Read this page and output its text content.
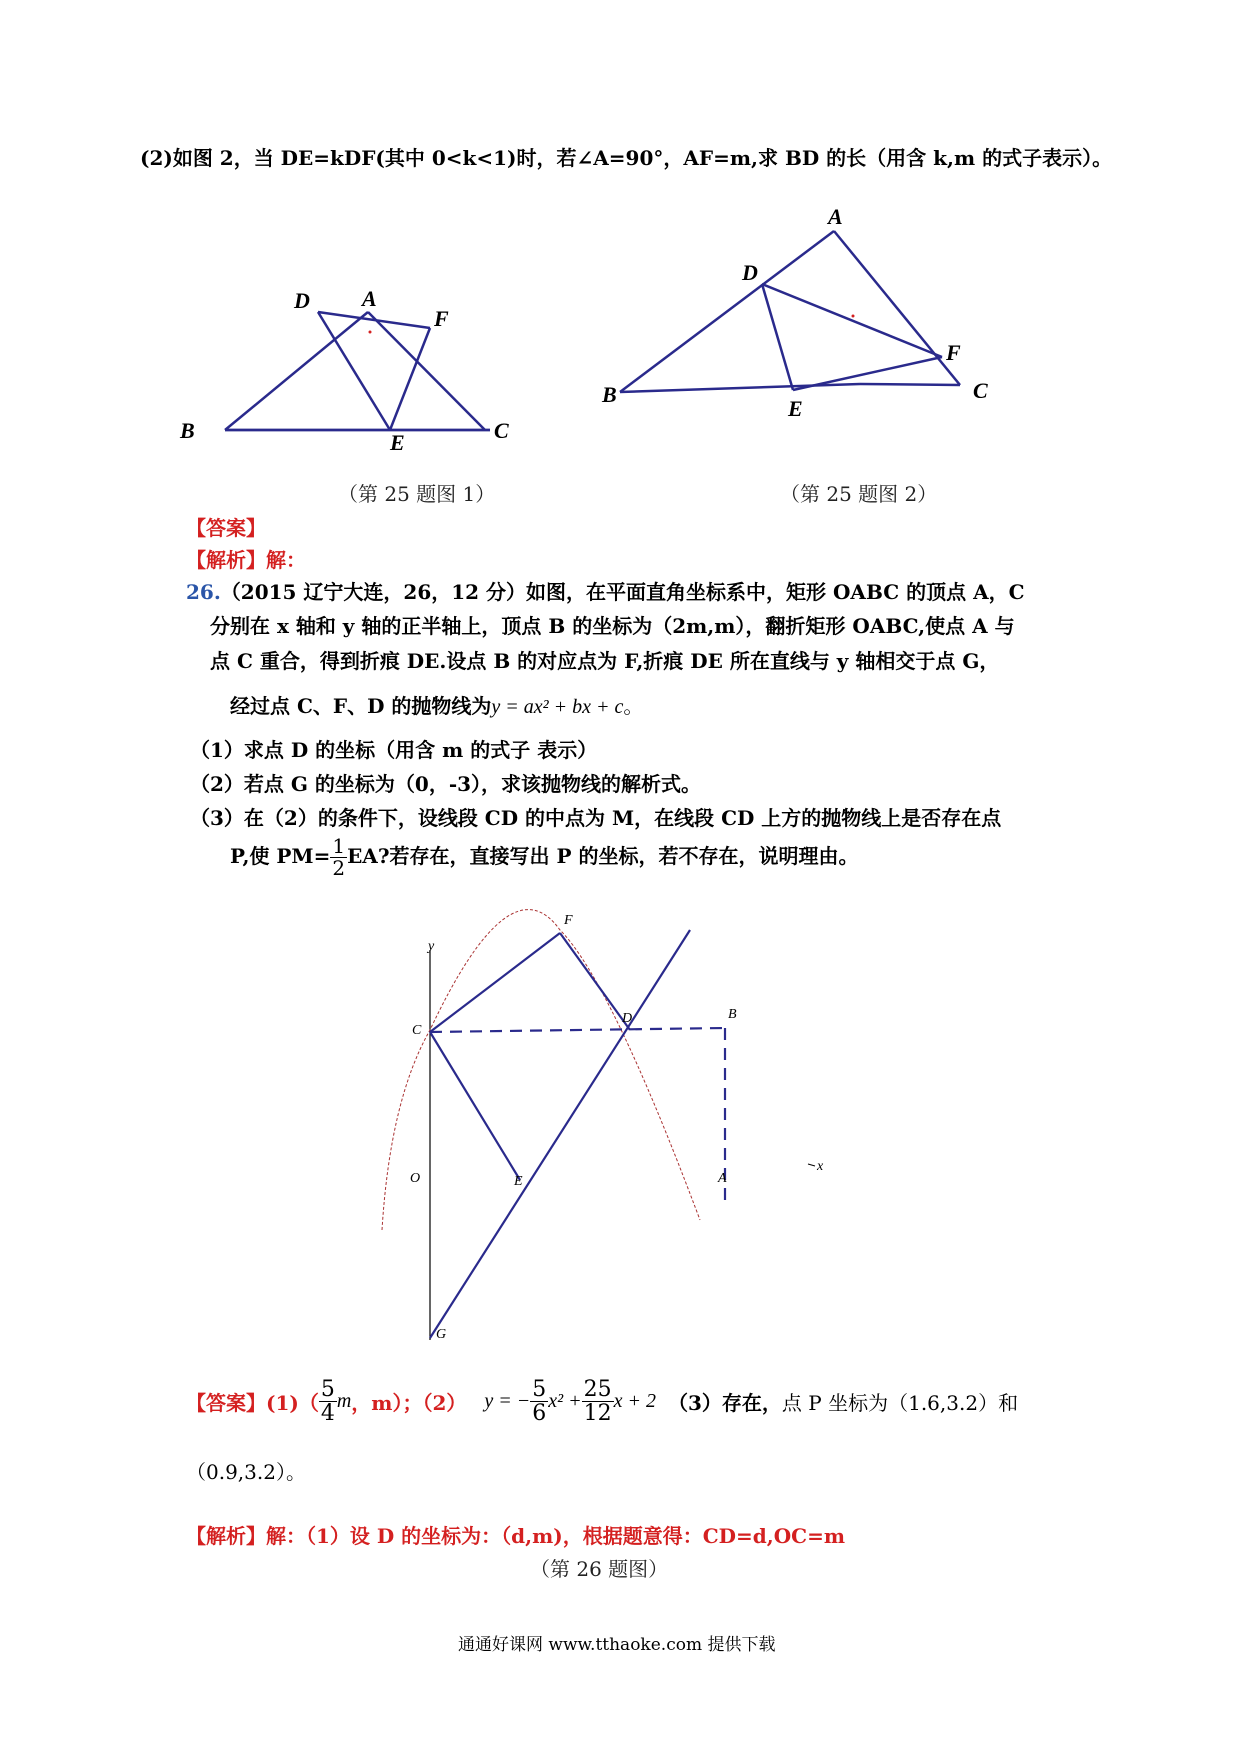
(2)如图 2，当 DE=kDF(其中 0<k<1)时，若∠A=90°，AF=m,求 BD 的长（用含 k,m 的式子表示）。
A
B	C
D
E
F
A
B	C
D
E
F
（第 25 题图 1）	（第 25 题图 2）
【答案】
【解析】解：
26.（2015 辽宁大连，26，12 分）如图，在平面直角坐标系中，矩形 OABC 的顶点 A，C
分别在 x 轴和 y 轴的正半轴上，顶点 B 的坐标为（2m,m），翻折矩形 OABC,使点 A 与
点 C 重合，得到折痕 DE.设点 B 的对应点为 F,折痕 DE 所在直线与 y 轴相交于点 G，
经过点 C、F、D 的抛物线为y = ax² + bx + c。
（1）求点 D 的坐标（用含 m 的式子 表示）
（2）若点 G 的坐标为（0，-3），求该抛物线的解析式。
（3）在（2）的条件下，设线段 CD 的中点为 M，在线段 CD 上方的抛物线上是否存在点
P,使 $PM= \frac{1}{2}$ EA?若存在，直接写出 P 的坐标，若不存在，说明理由。
y
x
O	A
B
C
D
E
F
G
【答案】 $(1)( \frac{5}{4}$ m ，m）；（2） y = − $\frac{5}{6} x^2 + \frac{25}{12}$ x + 2 （3）存在， 点 P 坐标为（1.6,3.2）和
（0.9,3.2）。
【解析】解：（1）设 D 的坐标为：（d,m)，根据题意得：CD=d,OC=m
（第 26 题图）
通通好课网 www.tthaoke.com 提供下载
